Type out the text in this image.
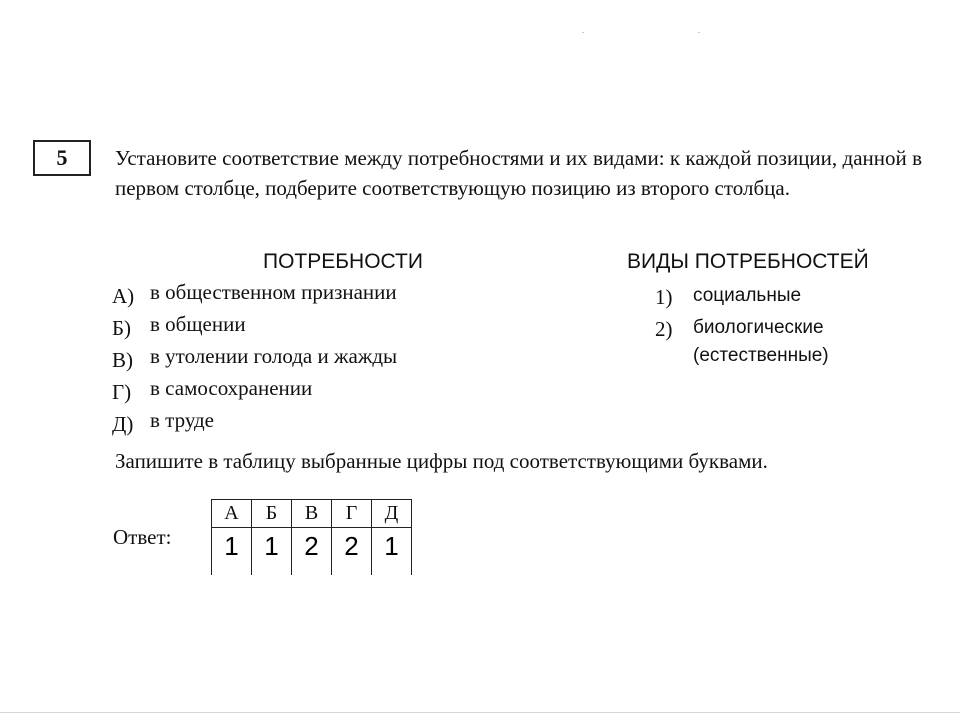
. .
5 Установите соответствие между потребностями и их видами: к каждой позиции, данной в первом столбце, подберите соответствующую позицию из второго столбца.
ПОТРЕБНОСТИ	ВИДЫ ПОТРЕБНОСТЕЙ
А) в общественном признании
Б) в общении
В) в утолении голода и жажды
Г) в самосохранении
Д) в труде
1) социальные
2) биологические
(естественные)
Запишите в таблицу выбранные цифры под соответствующими буквами.
Ответ:
А	Б	В	Г	Д
1	1	2	2	1
